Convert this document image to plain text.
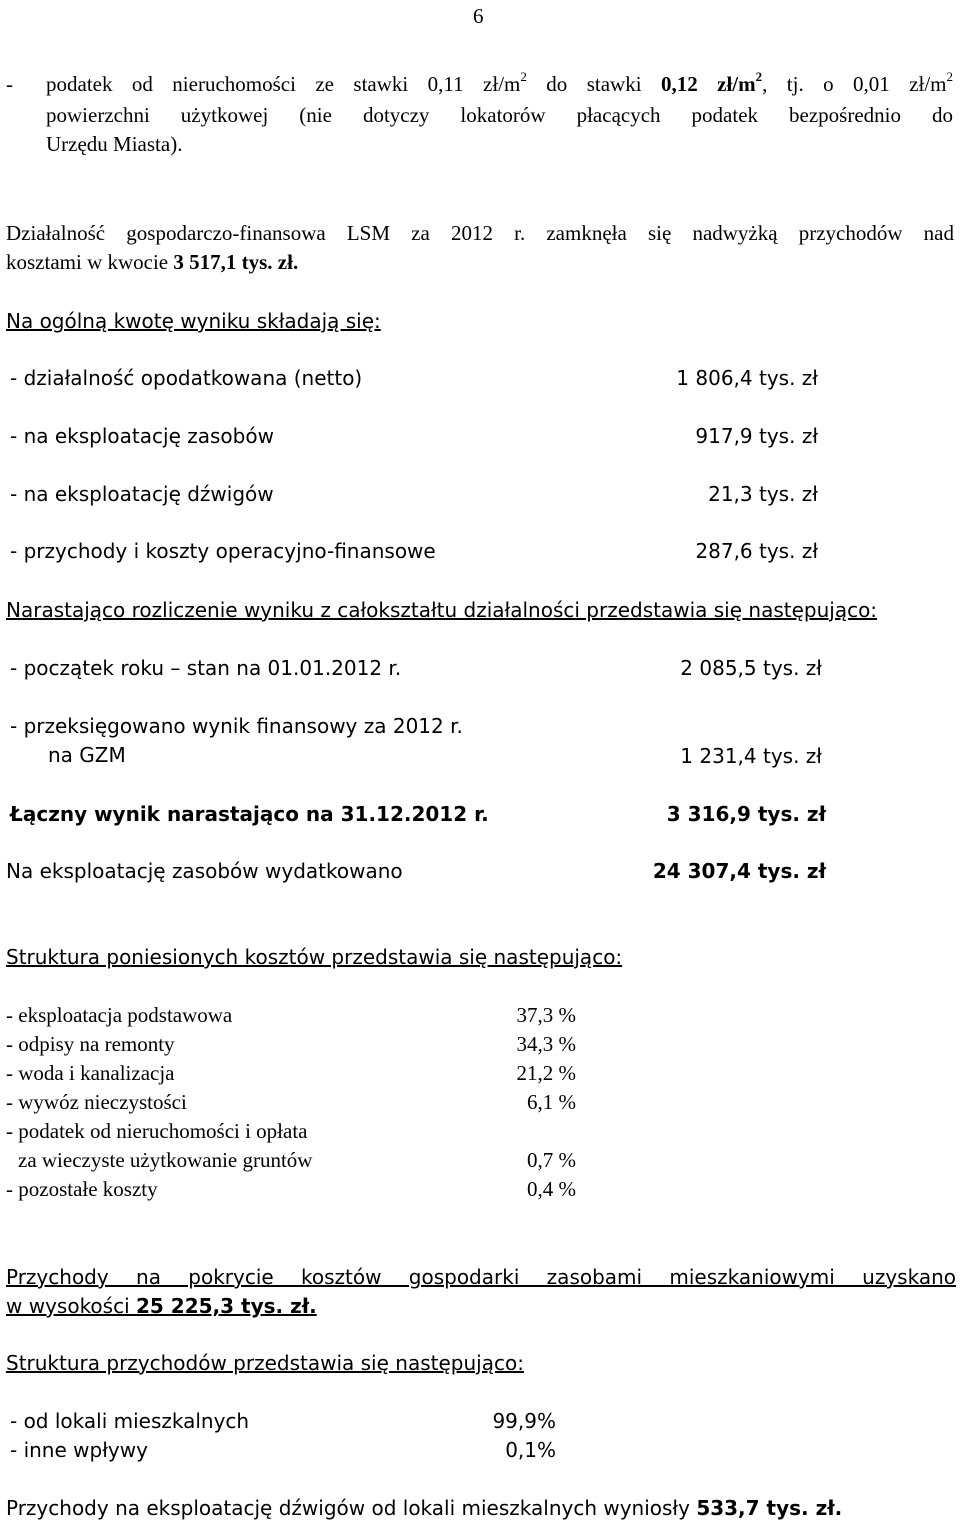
6
- podatek od nieruchomości ze stawki 0,11 $zł/m^2$ do stawki 0,12 $zł/m^2$, tj. o 0,01 $zł/m^2$
powierzchni użytkowej (nie dotyczy lokatorów płacących podatek bezpośrednio do
Urzędu Miasta).
Działalność gospodarczo-finansowa LSM za 2012 r. zamknęła się nadwyżką przychodów nad
kosztami w kwocie 3 517,1 tys. zł.
Na ogólną kwotę wyniku składają się:
- działalność opodatkowana (netto)	1 806,4 tys. zł
- na eksploatację zasobów	917,9 tys. zł
- na eksploatację dźwigów	21,3 tys. zł
- przychody i koszty operacyjno-finansowe	287,6 tys. zł
Narastająco rozliczenie wyniku z całokształtu działalności przedstawia się następująco:
- początek roku – stan na 01.01.2012 r.	2 085,5 tys. zł
- przeksięgowano wynik finansowy za 2012 r.
na GZM	1 231,4 tys. zł
Łączny wynik narastająco na 31.12.2012 r.	3 316,9 tys. zł
Na eksploatację zasobów wydatkowano	24 307,4 tys. zł
Struktura poniesionych kosztów przedstawia się następująco:
- eksploatacja podstawowa	37,3 %
- odpisy na remonty	34,3 %
- woda i kanalizacja	21,2 %
- wywóz nieczystości	6,1 %
- podatek od nieruchomości i opłata
za wieczyste użytkowanie gruntów	0,7 %
- pozostałe koszty	0,4 %
Przychody na pokrycie kosztów gospodarki zasobami mieszkaniowymi uzyskano
w wysokości 25 225,3 tys. zł.
Struktura przychodów przedstawia się następująco:
- od lokali mieszkalnych	99,9%
- inne wpływy	0,1%
Przychody na eksploatację dźwigów od lokali mieszkalnych wyniosły 533,7 tys. zł.
